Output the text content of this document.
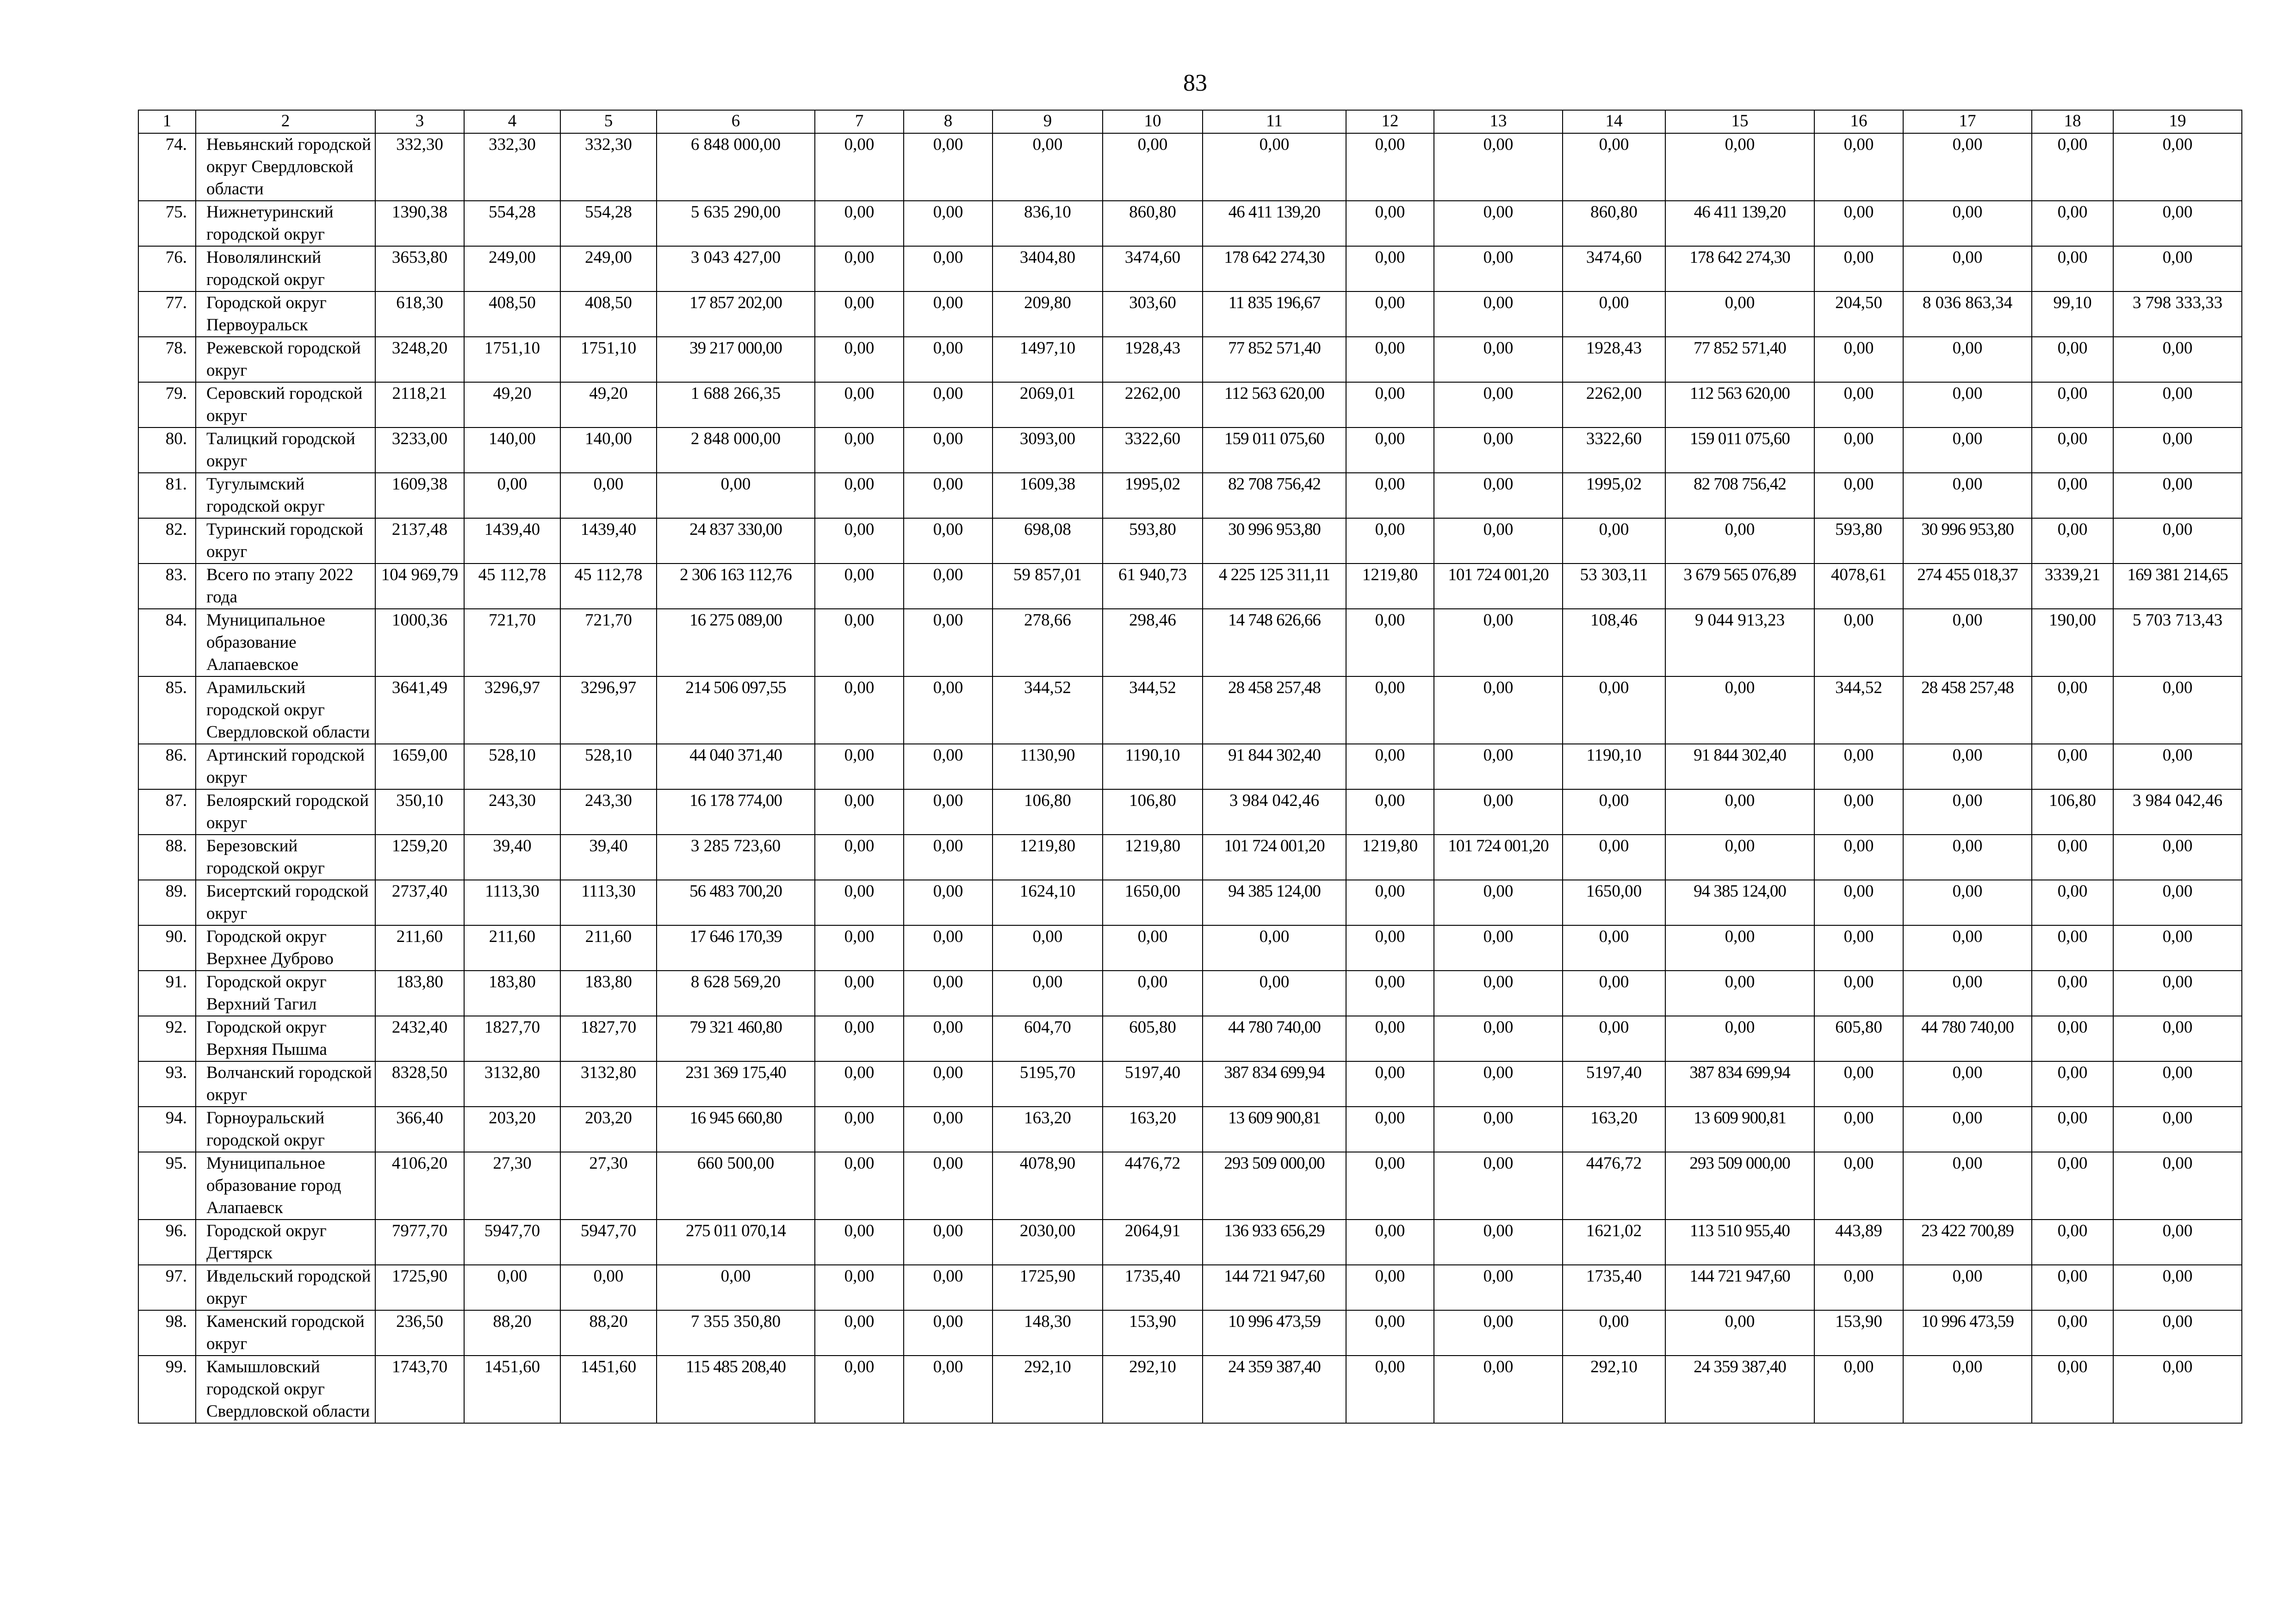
83
1	2	3	4	5	6	7	8	9	10	11	12	13	14	15	16	17	18	19
74.	Невьянский городской округ Свердловской области	332,30	332,30	332,30	6 848 000,00	0,00	0,00	0,00	0,00	0,00	0,00	0,00	0,00	0,00	0,00	0,00	0,00	0,00
75.	Нижнетуринский городской округ	1390,38	554,28	554,28	5 635 290,00	0,00	0,00	836,10	860,80	46 411 139,20	0,00	0,00	860,80	46 411 139,20	0,00	0,00	0,00	0,00
76.	Новолялинский городской округ	3653,80	249,00	249,00	3 043 427,00	0,00	0,00	3404,80	3474,60	178 642 274,30	0,00	0,00	3474,60	178 642 274,30	0,00	0,00	0,00	0,00
77.	Городской округ Первоуральск	618,30	408,50	408,50	17 857 202,00	0,00	0,00	209,80	303,60	11 835 196,67	0,00	0,00	0,00	0,00	204,50	8 036 863,34	99,10	3 798 333,33
78.	Режевской городской округ	3248,20	1751,10	1751,10	39 217 000,00	0,00	0,00	1497,10	1928,43	77 852 571,40	0,00	0,00	1928,43	77 852 571,40	0,00	0,00	0,00	0,00
79.	Серовский городской округ	2118,21	49,20	49,20	1 688 266,35	0,00	0,00	2069,01	2262,00	112 563 620,00	0,00	0,00	2262,00	112 563 620,00	0,00	0,00	0,00	0,00
80.	Талицкий городской округ	3233,00	140,00	140,00	2 848 000,00	0,00	0,00	3093,00	3322,60	159 011 075,60	0,00	0,00	3322,60	159 011 075,60	0,00	0,00	0,00	0,00
81.	Тугулымский городской округ	1609,38	0,00	0,00	0,00	0,00	0,00	1609,38	1995,02	82 708 756,42	0,00	0,00	1995,02	82 708 756,42	0,00	0,00	0,00	0,00
82.	Туринский городской округ	2137,48	1439,40	1439,40	24 837 330,00	0,00	0,00	698,08	593,80	30 996 953,80	0,00	0,00	0,00	0,00	593,80	30 996 953,80	0,00	0,00
83.	Всего по этапу 2022 года	104 969,79	45 112,78	45 112,78	2 306 163 112,76	0,00	0,00	59 857,01	61 940,73	4 225 125 311,11	1219,80	101 724 001,20	53 303,11	3 679 565 076,89	4078,61	274 455 018,37	3339,21	169 381 214,65
84.	Муниципальное образование Алапаевское	1000,36	721,70	721,70	16 275 089,00	0,00	0,00	278,66	298,46	14 748 626,66	0,00	0,00	108,46	9 044 913,23	0,00	0,00	190,00	5 703 713,43
85.	Арамильский городской округ Свердловской области	3641,49	3296,97	3296,97	214 506 097,55	0,00	0,00	344,52	344,52	28 458 257,48	0,00	0,00	0,00	0,00	344,52	28 458 257,48	0,00	0,00
86.	Артинский городской округ	1659,00	528,10	528,10	44 040 371,40	0,00	0,00	1130,90	1190,10	91 844 302,40	0,00	0,00	1190,10	91 844 302,40	0,00	0,00	0,00	0,00
87.	Белоярский городской округ	350,10	243,30	243,30	16 178 774,00	0,00	0,00	106,80	106,80	3 984 042,46	0,00	0,00	0,00	0,00	0,00	0,00	106,80	3 984 042,46
88.	Березовский городской округ	1259,20	39,40	39,40	3 285 723,60	0,00	0,00	1219,80	1219,80	101 724 001,20	1219,80	101 724 001,20	0,00	0,00	0,00	0,00	0,00	0,00
89.	Бисертский городской округ	2737,40	1113,30	1113,30	56 483 700,20	0,00	0,00	1624,10	1650,00	94 385 124,00	0,00	0,00	1650,00	94 385 124,00	0,00	0,00	0,00	0,00
90.	Городской округ Верхнее Дуброво	211,60	211,60	211,60	17 646 170,39	0,00	0,00	0,00	0,00	0,00	0,00	0,00	0,00	0,00	0,00	0,00	0,00	0,00
91.	Городской округ Верхний Тагил	183,80	183,80	183,80	8 628 569,20	0,00	0,00	0,00	0,00	0,00	0,00	0,00	0,00	0,00	0,00	0,00	0,00	0,00
92.	Городской округ Верхняя Пышма	2432,40	1827,70	1827,70	79 321 460,80	0,00	0,00	604,70	605,80	44 780 740,00	0,00	0,00	0,00	0,00	605,80	44 780 740,00	0,00	0,00
93.	Волчанский городской округ	8328,50	3132,80	3132,80	231 369 175,40	0,00	0,00	5195,70	5197,40	387 834 699,94	0,00	0,00	5197,40	387 834 699,94	0,00	0,00	0,00	0,00
94.	Горноуральский городской округ	366,40	203,20	203,20	16 945 660,80	0,00	0,00	163,20	163,20	13 609 900,81	0,00	0,00	163,20	13 609 900,81	0,00	0,00	0,00	0,00
95.	Муниципальное образование город Алапаевск	4106,20	27,30	27,30	660 500,00	0,00	0,00	4078,90	4476,72	293 509 000,00	0,00	0,00	4476,72	293 509 000,00	0,00	0,00	0,00	0,00
96.	Городской округ Дегтярск	7977,70	5947,70	5947,70	275 011 070,14	0,00	0,00	2030,00	2064,91	136 933 656,29	0,00	0,00	1621,02	113 510 955,40	443,89	23 422 700,89	0,00	0,00
97.	Ивдельский городской округ	1725,90	0,00	0,00	0,00	0,00	0,00	1725,90	1735,40	144 721 947,60	0,00	0,00	1735,40	144 721 947,60	0,00	0,00	0,00	0,00
98.	Каменский городской округ	236,50	88,20	88,20	7 355 350,80	0,00	0,00	148,30	153,90	10 996 473,59	0,00	0,00	0,00	0,00	153,90	10 996 473,59	0,00	0,00
99.	Камышловский городской округ Свердловской области	1743,70	1451,60	1451,60	115 485 208,40	0,00	0,00	292,10	292,10	24 359 387,40	0,00	0,00	292,10	24 359 387,40	0,00	0,00	0,00	0,00
